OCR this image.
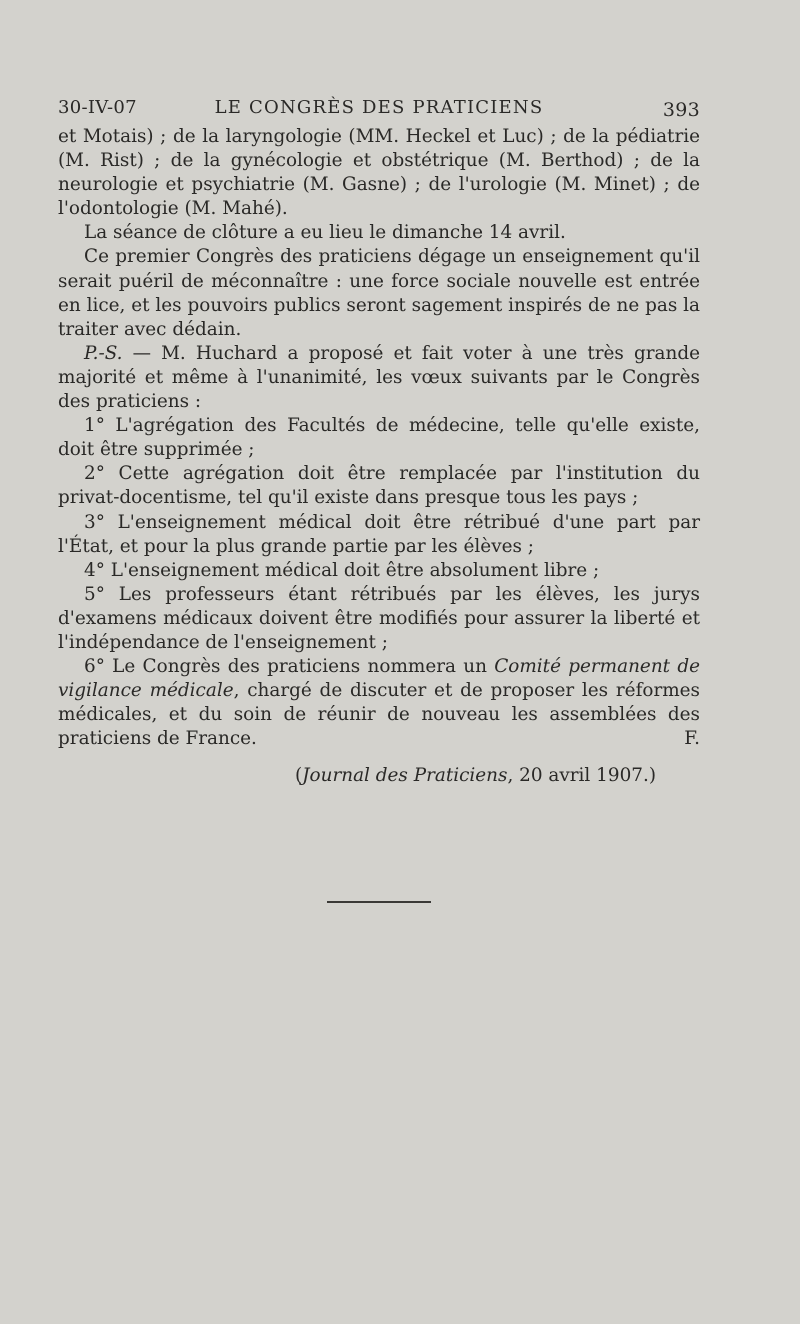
30-IV-07	LE CONGRÈS DES PRATICIENS	393

et Motais) ; de la laryngologie (MM. Heckel et Luc) ; de la pédiatrie (M. Rist) ; de la gynécologie et obstétrique (M. Berthod) ; de la neurologie et psychiatrie (M. Gasne) ; de l'urologie (M. Minet) ; de l'odontologie (M. Mahé).

La séance de clôture a eu lieu le dimanche 14 avril.

Ce premier Congrès des praticiens dégage un enseignement qu'il serait puéril de méconnaître : une force sociale nouvelle est entrée en lice, et les pouvoirs publics seront sagement inspirés de ne pas la traiter avec dédain.

P.-S. — M. Huchard a proposé et fait voter à une très grande majorité et même à l'unanimité, les vœux suivants par le Congrès des praticiens :

1° L'agrégation des Facultés de médecine, telle qu'elle existe, doit être supprimée ;

2° Cette agrégation doit être remplacée par l'institution du privat-docentisme, tel qu'il existe dans presque tous les pays ;

3° L'enseignement médical doit être rétribué d'une part par l'État, et pour la plus grande partie par les élèves ;

4° L'enseignement médical doit être absolument libre ;

5° Les professeurs étant rétribués par les élèves, les jurys d'examens médicaux doivent être modifiés pour assurer la liberté et l'indépendance de l'enseignement ;

6° Le Congrès des praticiens nommera un Comité permanent de vigilance médicale, chargé de discuter et de proposer les réformes médicales, et du soin de réunir de nouveau les assemblées des praticiens de France.	F.

(Journal des Praticiens, 20 avril 1907.)
